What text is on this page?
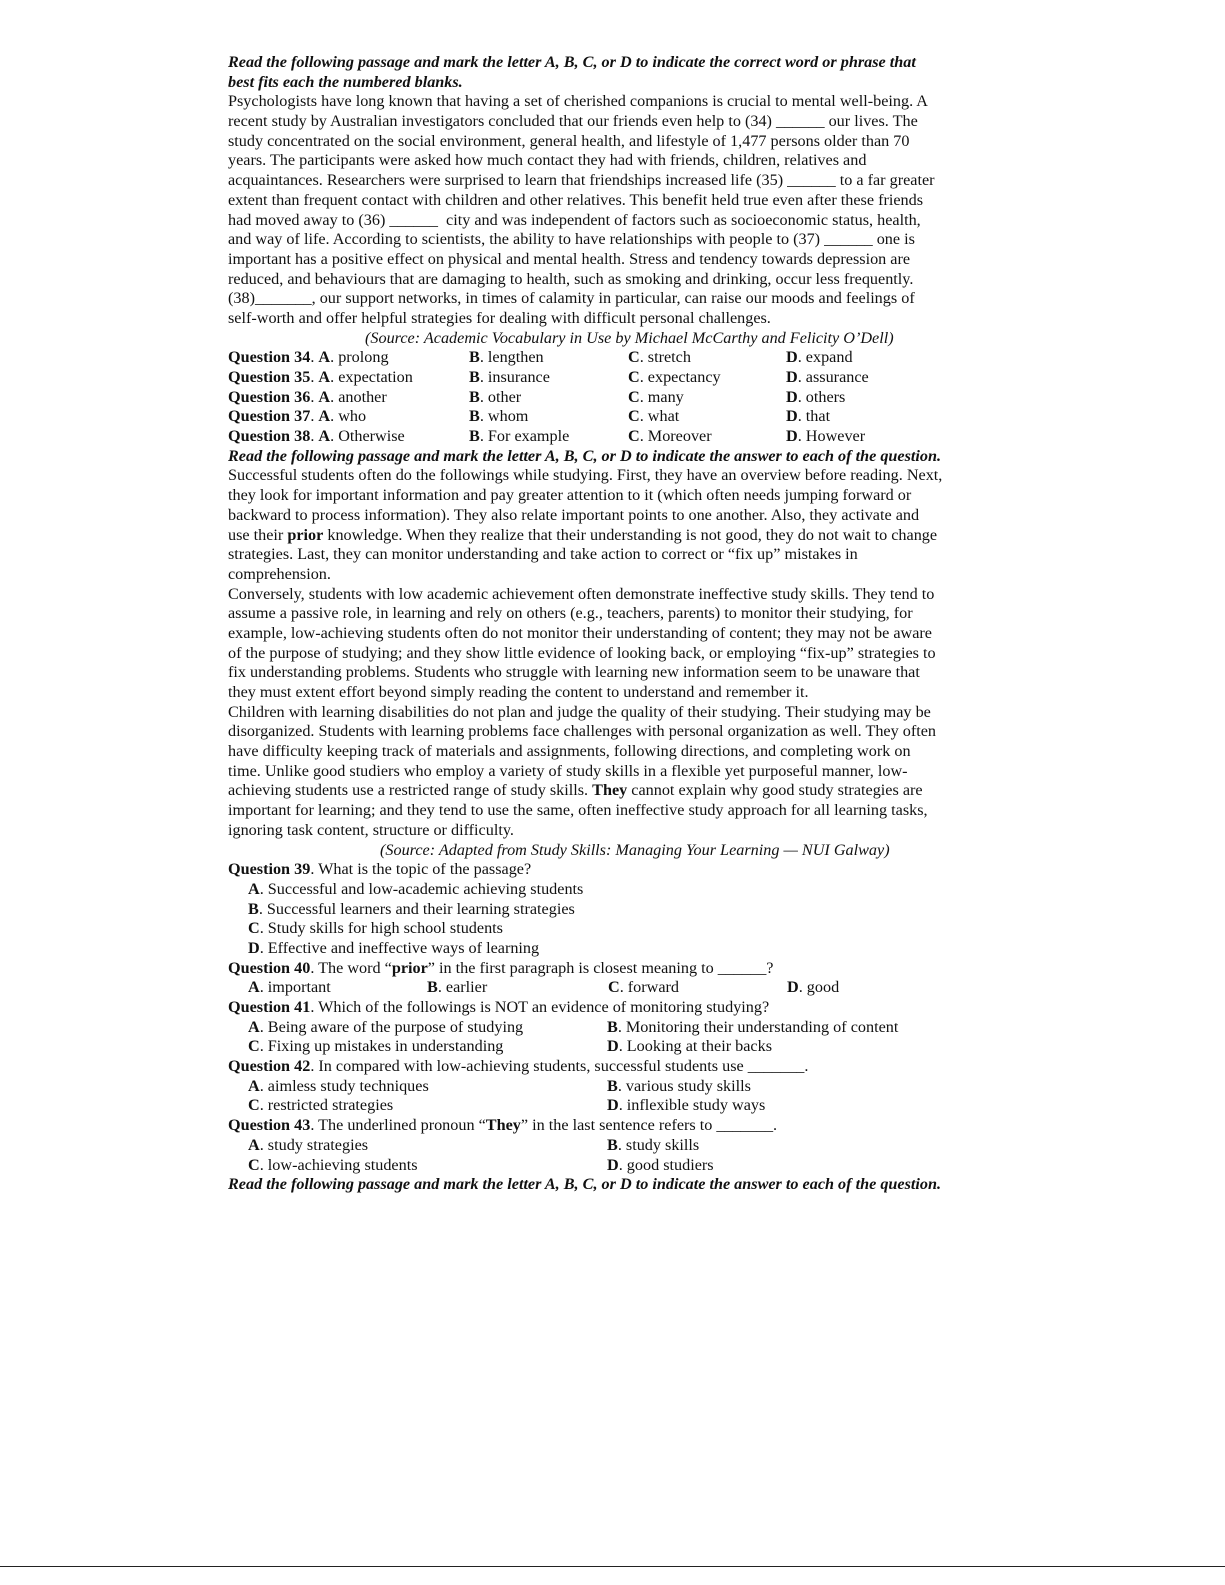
Read the following passage and mark the letter A, B, C, or D to indicate the correct word or phrase that
best fits each the numbered blanks.
Psychologists have long known that having a set of cherished companions is crucial to mental well-being. A
recent study by Australian investigators concluded that our friends even help to (34) ______ our lives. The
study concentrated on the social environment, general health, and lifestyle of 1,477 persons older than 70
years. The participants were asked how much contact they had with friends, children, relatives and
acquaintances. Researchers were surprised to learn that friendships increased life (35) ______ to a far greater
extent than frequent contact with children and other relatives. This benefit held true even after these friends
had moved away to (36) ______  city and was independent of factors such as socioeconomic status, health,
and way of life. According to scientists, the ability to have relationships with people to (37) ______ one is
important has a positive effect on physical and mental health. Stress and tendency towards depression are
reduced, and behaviours that are damaging to health, such as smoking and drinking, occur less frequently.
(38)_______, our support networks, in times of calamity in particular, can raise our moods and feelings of
self-worth and offer helpful strategies for dealing with difficult personal challenges.
(Source: Academic Vocabulary in Use by Michael McCarthy and Felicity O’Dell)
Question 34. A. prolong	B. lengthen	C. stretch	D. expand
Question 35. A. expectation	B. insurance	C. expectancy	D. assurance
Question 36. A. another	B. other	C. many	D. others
Question 37. A. who	B. whom	C. what	D. that
Question 38. A. Otherwise	B. For example	C. Moreover	D. However
Read the following passage and mark the letter A, B, C, or D to indicate the answer to each of the question.
Successful students often do the followings while studying. First, they have an overview before reading. Next,
they look for important information and pay greater attention to it (which often needs jumping forward or
backward to process information). They also relate important points to one another. Also, they activate and
use their prior knowledge. When they realize that their understanding is not good, they do not wait to change
strategies. Last, they can monitor understanding and take action to correct or “fix up” mistakes in
comprehension.
Conversely, students with low academic achievement often demonstrate ineffective study skills. They tend to
assume a passive role, in learning and rely on others (e.g., teachers, parents) to monitor their studying, for
example, low-achieving students often do not monitor their understanding of content; they may not be aware
of the purpose of studying; and they show little evidence of looking back, or employing “fix-up” strategies to
fix understanding problems. Students who struggle with learning new information seem to be unaware that
they must extent effort beyond simply reading the content to understand and remember it.
Children with learning disabilities do not plan and judge the quality of their studying. Their studying may be
disorganized. Students with learning problems face challenges with personal organization as well. They often
have difficulty keeping track of materials and assignments, following directions, and completing work on
time. Unlike good studiers who employ a variety of study skills in a flexible yet purposeful manner, low-
achieving students use a restricted range of study skills. They cannot explain why good study strategies are
important for learning; and they tend to use the same, often ineffective study approach for all learning tasks,
ignoring task content, structure or difficulty.
(Source: Adapted from Study Skills: Managing Your Learning — NUI Galway)
Question 39. What is the topic of the passage?
A. Successful and low-academic achieving students
B. Successful learners and their learning strategies
C. Study skills for high school students
D. Effective and ineffective ways of learning
Question 40. The word “prior” in the first paragraph is closest meaning to ______?
A. important	B. earlier	C. forward	D. good
Question 41. Which of the followings is NOT an evidence of monitoring studying?
A. Being aware of the purpose of studying	B. Monitoring their understanding of content
C. Fixing up mistakes in understanding	D. Looking at their backs
Question 42. In compared with low-achieving students, successful students use _______.
A. aimless study techniques	B. various study skills
C. restricted strategies	D. inflexible study ways
Question 43. The underlined pronoun “They” in the last sentence refers to _______.
A. study strategies	B. study skills
C. low-achieving students	D. good studiers
Read the following passage and mark the letter A, B, C, or D to indicate the answer to each of the question.
